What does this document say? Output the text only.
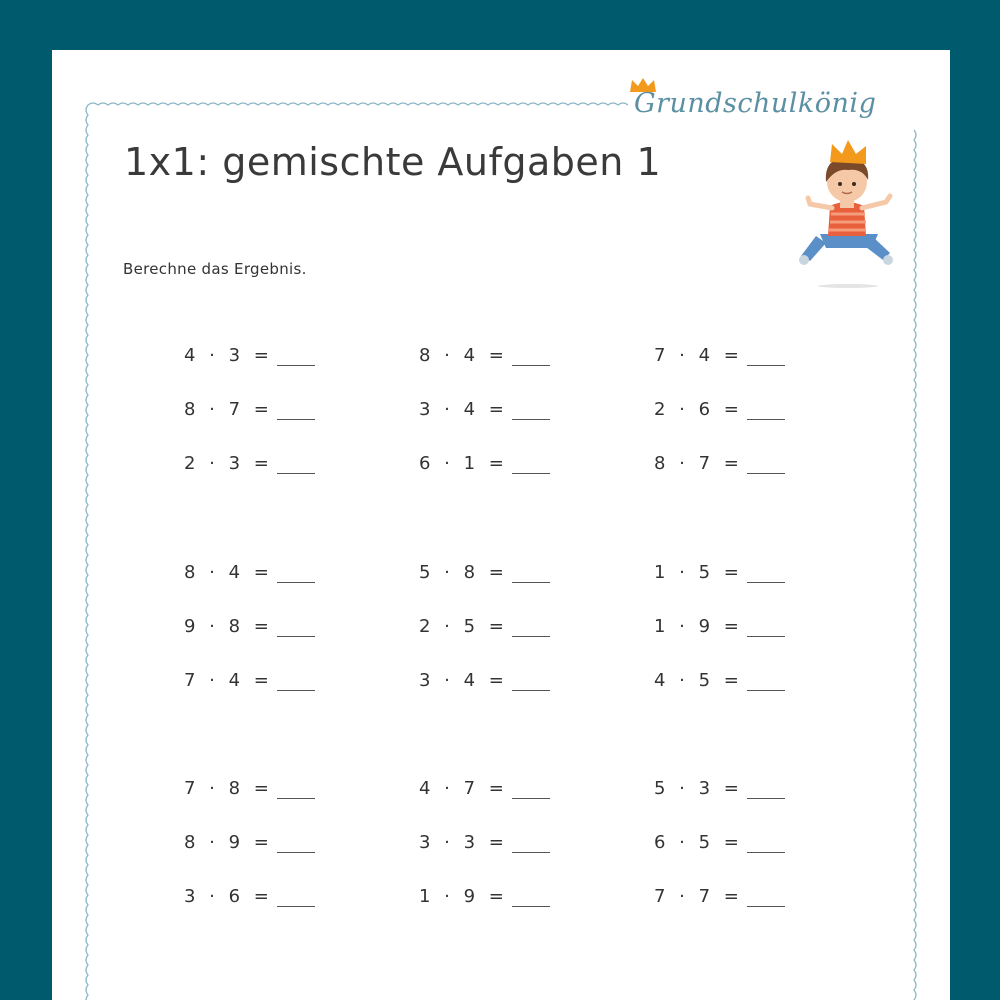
Grundschulkönig
1x1: gemischte Aufgaben 1
Berechne das Ergebnis.
4 · 3 =	8 · 4 =	7 · 4 =
8 · 7 =	3 · 4 =	2 · 6 =
2 · 3 =	6 · 1 =	8 · 7 =
8 · 4 =	5 · 8 =	1 · 5 =
9 · 8 =	2 · 5 =	1 · 9 =
7 · 4 =	3 · 4 =	4 · 5 =
7 · 8 =	4 · 7 =	5 · 3 =
8 · 9 =	3 · 3 =	6 · 5 =
3 · 6 =	1 · 9 =	7 · 7 =
